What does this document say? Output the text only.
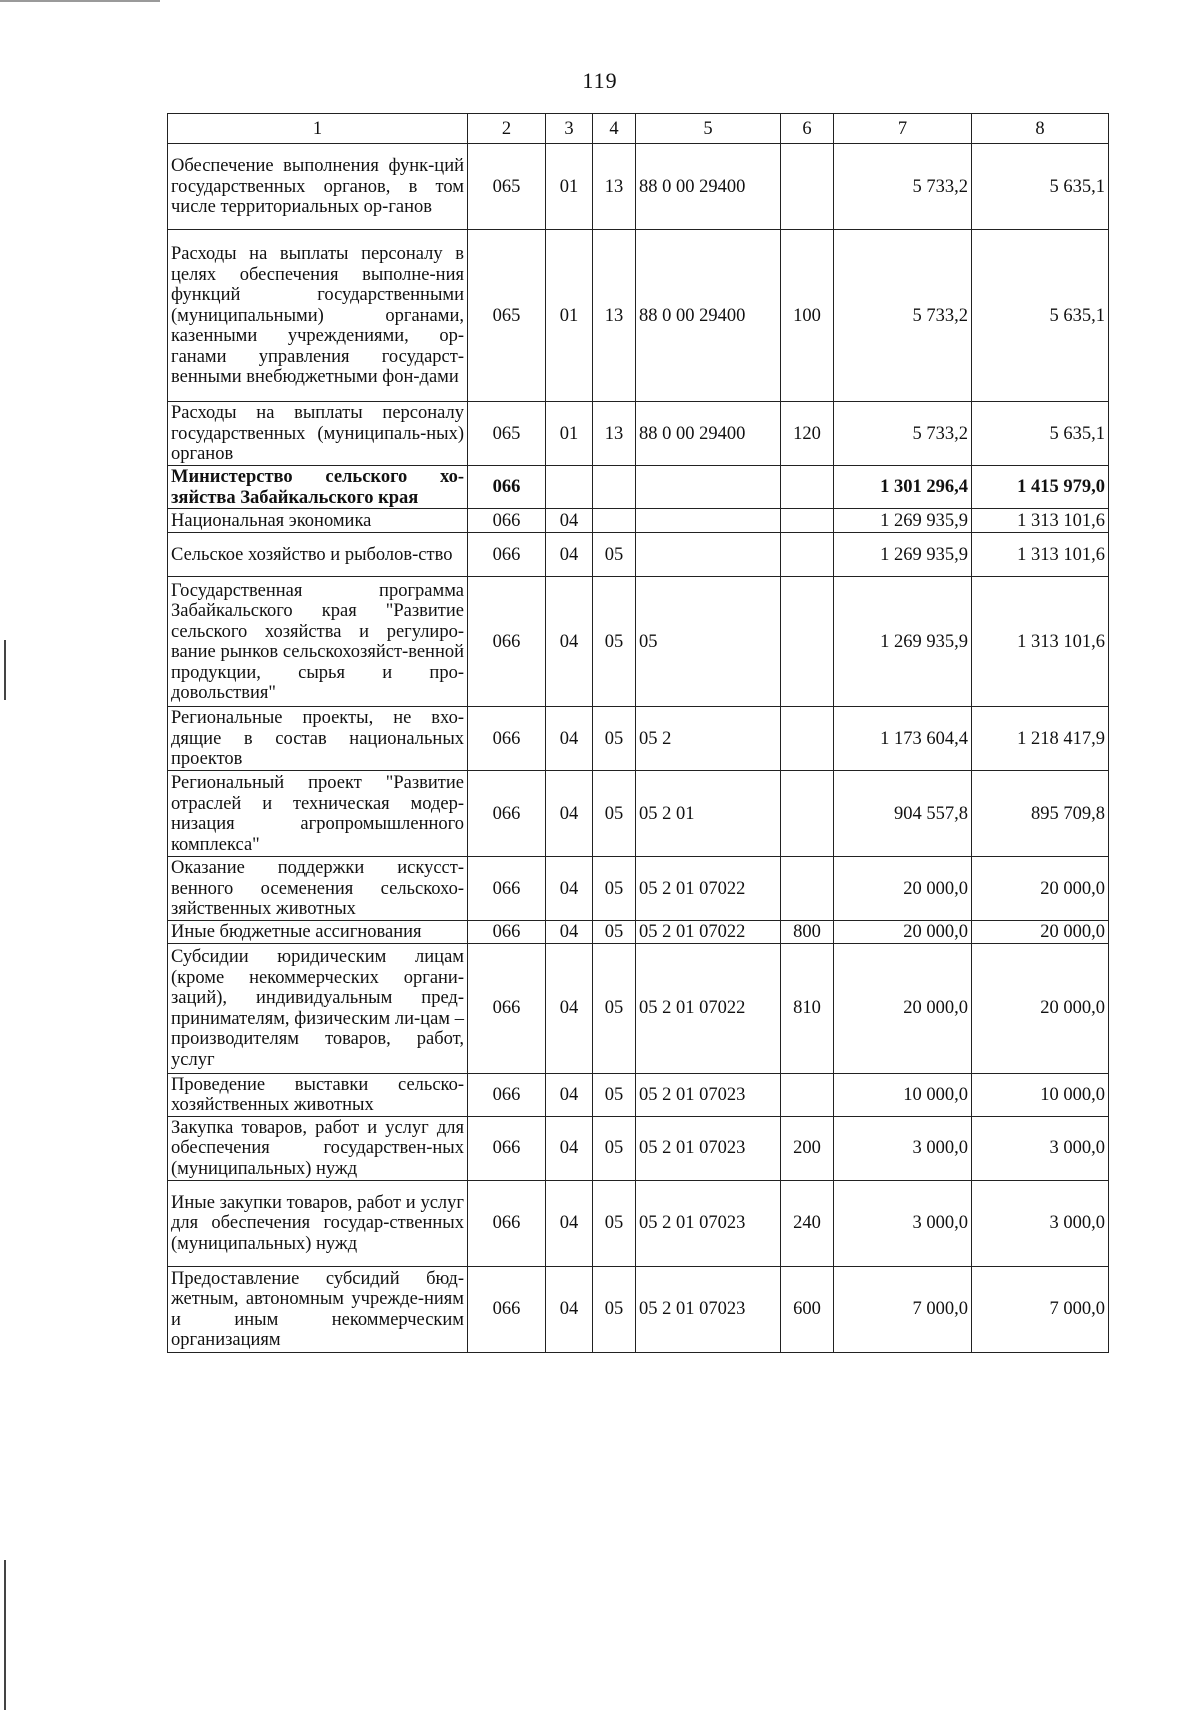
119
1	2	3	4	5	6	7	8
Обеспечение выполнения функ-ций государственных органов, в том числе территориальных ор-ганов	065	01	13	88 0 00 29400		5 733,2	5 635,1
Расходы на выплаты персоналу в целях обеспечения выполне-ния функций государственными (муниципальными) органами, казенными учреждениями, ор-ганами управления государст-венными внебюджетными фон-дами	065	01	13	88 0 00 29400	100	5 733,2	5 635,1
Расходы на выплаты персоналу государственных (муниципаль-ных) органов	065	01	13	88 0 00 29400	120	5 733,2	5 635,1
Министерство сельского хо-зяйства Забайкальского края	066					1 301 296,4	1 415 979,0
Национальная экономика	066	04				1 269 935,9	1 313 101,6
Сельское хозяйство и рыболов-ство	066	04	05			1 269 935,9	1 313 101,6
Государственная программа Забайкальского края "Развитие сельского хозяйства и регулиро-вание рынков сельскохозяйст-венной продукции, сырья и про-довольствия"	066	04	05	05		1 269 935,9	1 313 101,6
Региональные проекты, не вхо-дящие в состав национальных проектов	066	04	05	05 2		1 173 604,4	1 218 417,9
Региональный проект "Развитие отраслей и техническая модер-низация агропромышленного комплекса"	066	04	05	05 2 01		904 557,8	895 709,8
Оказание поддержки искусст-венного осеменения сельскохо-зяйственных животных	066	04	05	05 2 01 07022		20 000,0	20 000,0
Иные бюджетные ассигнования	066	04	05	05 2 01 07022	800	20 000,0	20 000,0
Субсидии юридическим лицам (кроме некоммерческих органи-заций), индивидуальным пред-принимателям, физическим ли-цам – производителям товаров, работ, услуг	066	04	05	05 2 01 07022	810	20 000,0	20 000,0
Проведение выставки сельско-хозяйственных животных	066	04	05	05 2 01 07023		10 000,0	10 000,0
Закупка товаров, работ и услуг для обеспечения государствен-ных (муниципальных) нужд	066	04	05	05 2 01 07023	200	3 000,0	3 000,0
Иные закупки товаров, работ и услуг для обеспечения государ-ственных (муниципальных) нужд	066	04	05	05 2 01 07023	240	3 000,0	3 000,0
Предоставление субсидий бюд-жетным, автономным учрежде-ниям и иным некоммерческим организациям	066	04	05	05 2 01 07023	600	7 000,0	7 000,0
